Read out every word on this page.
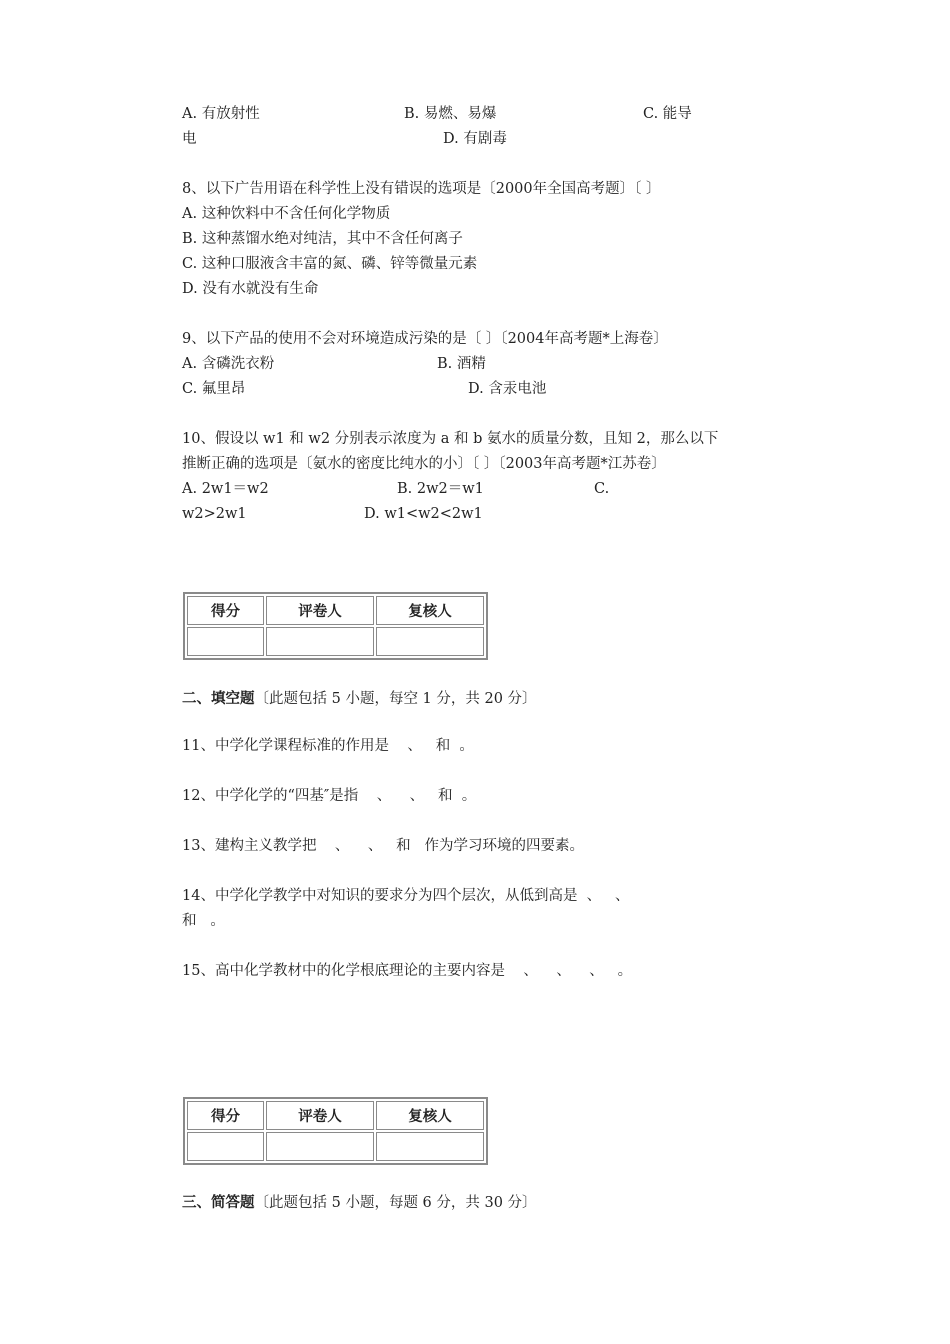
A. 有放射性	B. 易燃、易爆	C. 能导
电	D. 有剧毒
8、以下广告用语在科学性上没有错误的选项是〔2000年全国高考题〕〔 〕
A. 这种饮料中不含任何化学物质
B. 这种蒸馏水绝对纯洁，其中不含任何离子
C. 这种口服液含丰富的氮、磷、锌等微量元素
D. 没有水就没有生命
9、以下产品的使用不会对环境造成污染的是〔 〕〔2004年高考题*上海卷〕
A. 含磷洗衣粉	B. 酒精
C. 氟里昂	D. 含汞电池
10、假设以 w1 和 w2 分别表示浓度为 a 和 b 氨水的质量分数，且知 2，那么以下
推断正确的选项是〔氨水的密度比纯水的小〕〔 〕〔2003年高考题*江苏卷〕
A. 2w1＝w2	B. 2w2＝w1	C.
w2>2w1	D. w1<w2<2w1
得分	评卷人	复核人

二、填空题〔此题包括 5 小题，每空 1 分，共 20 分〕
11、中学化学课程标准的作用是    、   和  。
12、中学化学的“四基″是指    、    、   和  。
13、建构主义教学把    、    、   和   作为学习环境的四要素。
14、中学化学教学中对知识的要求分为四个层次，从低到高是  、   、
和   。
15、高中化学教材中的化学根底理论的主要内容是    、    、    、   。
得分	评卷人	复核人

三、简答题〔此题包括 5 小题，每题 6 分，共 30 分〕
